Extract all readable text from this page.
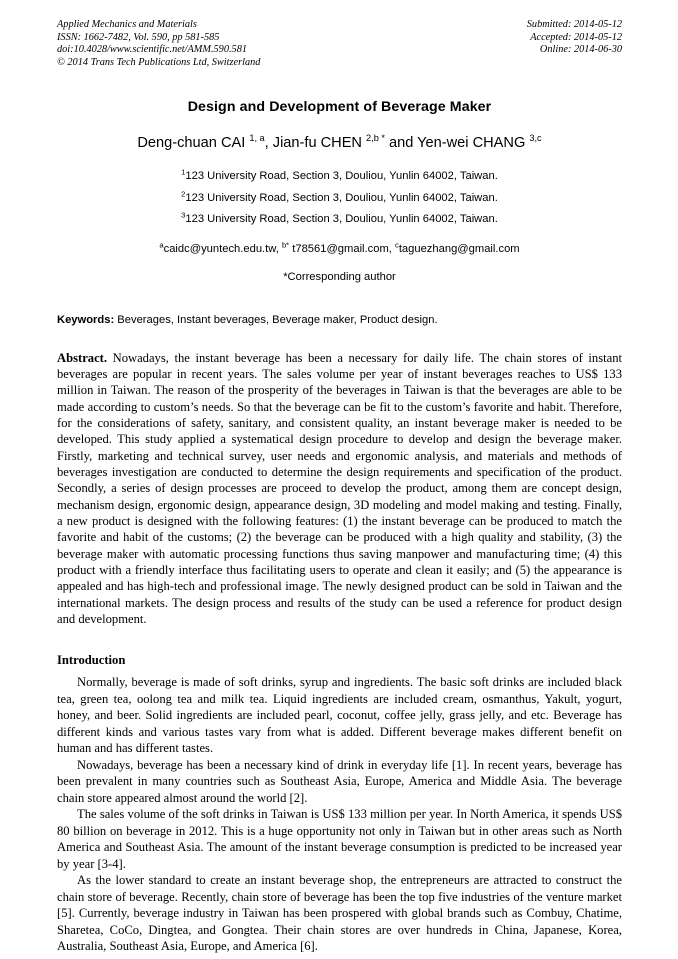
Applied Mechanics and Materials
ISSN: 1662-7482, Vol. 590, pp 581-585
doi:10.4028/www.scientific.net/AMM.590.581
© 2014 Trans Tech Publications Ltd, Switzerland
Submitted: 2014-05-12
Accepted: 2014-05-12
Online: 2014-06-30
Design and Development of Beverage Maker
Deng-chuan CAI $^{1, a}$, Jian-fu CHEN $^{2,b}$ * and Yen-wei CHANG $^{3,c}$

$^1$123 University Road, Section 3, Douliou, Yunlin 64002, Taiwan.

$^2$123 University Road, Section 3, Douliou, Yunlin 64002, Taiwan.

$^3$123 University Road, Section 3, Douliou, Yunlin 64002, Taiwan.

$^a$caidc@yuntech.edu.tw, $^{b*}$ t78561@gmail.com, $^c$taguezhang@gmail.com
*Corresponding author
Keywords: Beverages, Instant beverages, Beverage maker, Product design.
Abstract. Nowadays, the instant beverage has been a necessary for daily life. The chain stores of instant beverages are popular in recent years. The sales volume per year of instant beverages reaches to US$ 133 million in Taiwan. The reason of the prosperity of the beverages in Taiwan is that the beverages are able to be made according to custom’s needs. So that the beverage can be fit to the custom’s favorite and habit. Therefore, for the considerations of safety, sanitary, and consistent quality, an instant beverage maker is needed to be developed. This study applied a systematical design procedure to develop and design the beverage maker. Firstly, marketing and technical survey, user needs and ergonomic analysis, and materials and methods of beverages investigation are conducted to determine the design requirements and specification of the product. Secondly, a series of design processes are proceed to develop the product, among them are concept design, mechanism design, ergonomic design, appearance design, 3D modeling and model making and testing. Finally, a new product is designed with the following features: (1) the instant beverage can be produced to match the favorite and habit of the customs; (2) the beverage can be produced with a high quality and stability, (3) the beverage maker with automatic processing functions thus saving manpower and manufacturing time; (4) this product with a friendly interface thus facilitating users to operate and clean it easily; and (5) the appearance is appealed and has high-tech and professional image. The newly designed product can be sold in Taiwan and the international markets. The design process and results of the study can be used a reference for product design and development.
Introduction

Normally, beverage is made of soft drinks, syrup and ingredients. The basic soft drinks are included black tea, green tea, oolong tea and milk tea. Liquid ingredients are included cream, osmanthus, Yakult, yogurt, honey, and beer. Solid ingredients are included pearl, coconut, coffee jelly, grass jelly, and etc. Beverage has different kinds and various tastes vary from what is added. Different beverage makes different benefit on human and has different tastes.

Nowadays, beverage has been a necessary kind of drink in everyday life [1]. In recent years, beverage has been prevalent in many countries such as Southeast Asia, Europe, America and Middle Asia. The beverage chain store appeared almost around the world [2].

The sales volume of the soft drinks in Taiwan is US$ 133 million per year. In North America, it spends US$ 80 billion on beverage in 2012. This is a huge opportunity not only in Taiwan but in other areas such as North America and Southeast Asia. The amount of the instant beverage consumption is predicted to be increased year by year [3-4].

As the lower standard to create an instant beverage shop, the entrepreneurs are attracted to construct the chain store of beverage. Recently, chain store of beverage has been the top five industries of the venture market [5]. Currently, beverage industry in Taiwan has been prospered with global brands such as Combuy, Chatime, Sharetea, CoCo, Dingtea, and Gongtea. Their chain stores are over hundreds in China, Japanese, Korea, Australia, Southeast Asia, Europe, and America [6].
